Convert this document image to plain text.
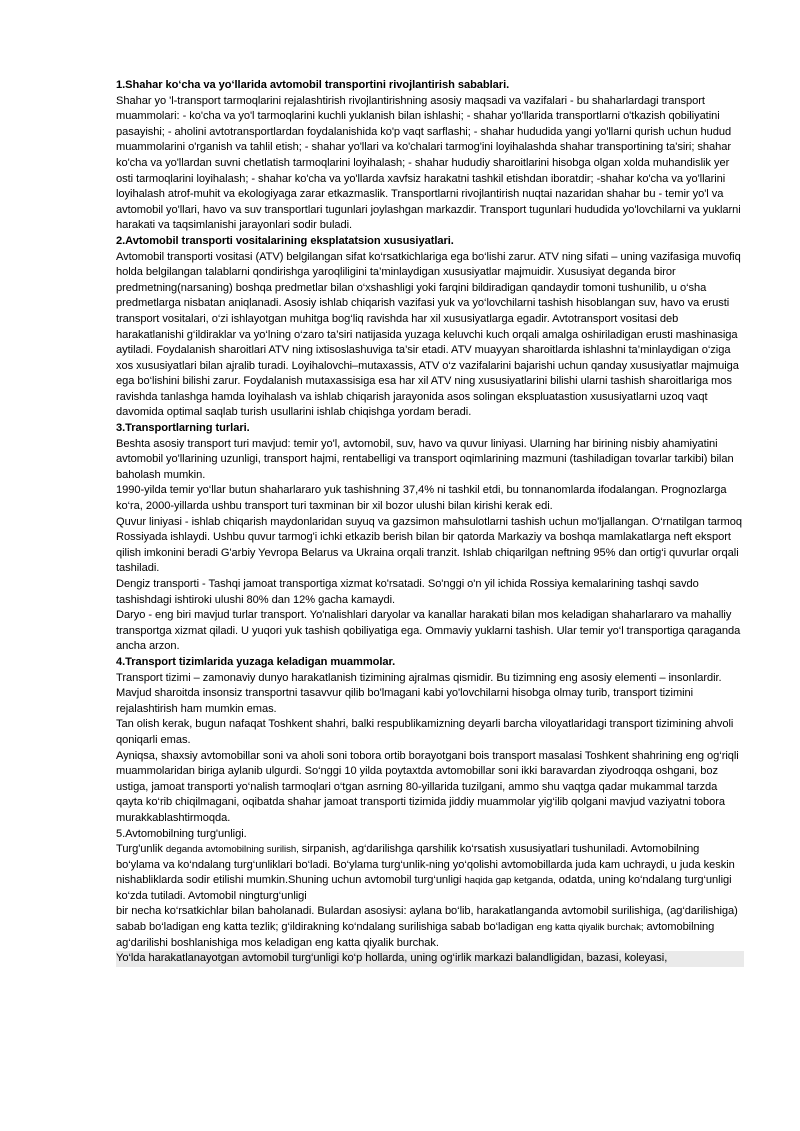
1.Shahar ko‘cha va yo‘llarida avtomobil transportini rivojlantirish sabablari.

Shahar yo 'l-transport tarmoqlarini rejalashtirish rivojlantirishning asosiy maqsadi va vazifalari - bu shaharlardagi transport muammolari: - ko'cha va yo'l tarmoqlarini kuchli yuklanish bilan ishlashi; - shahar yo'llarida transportlarni o'tkazish qobiliyatini pasayishi; - aholini avtotransportlardan foydalanishida ko'p vaqt sarflashi; - shahar hududida yangi yo'llarni qurish uchun hudud muammolarini o'rganish va tahlil etish; - shahar yo'llari va ko'chalari tarmog'ini loyihalashda shahar transportining ta'siri; shahar ko'cha va yo'llardan suvni chetlatish tarmoqlarini loyihalash; - shahar hududiy sharoitlarini hisobga olgan xolda muhandislik yer osti tarmoqlarini loyihalash; - shahar ko'cha va yo'llarda xavfsiz harakatni tashkil etishdan iboratdir; -shahar ko'cha va yo'llarini loyihalash atrof-muhit va ekologiyaga zarar etkazmaslik. Transportlarni rivojlantirish nuqtai nazaridan shahar bu - temir yo'l va avtomobil yo'llari, havo va suv transportlari tugunlari joylashgan markazdir. Transport tugunlari hududida yo'lovchilarni va yuklarni harakati va taqsimlanishi jarayonlari sodir buladi.

2.Avtomobil transporti vositalarining eksplatatsion xususiyatlari.

Avtomobil transporti vositasi (ATV) belgilangan sifat ko‘rsatkichlariga ega bo‘lishi zarur. ATV ning sifati – uning vazifasiga muvofiq holda belgilangan talablarni qondirishga yaroqliligini ta’minlaydigan xususiyatlar majmuidir. Xususiyat deganda biror predmetning(narsaning) boshqa predmetlar bilan o‘xshashligi yoki farqini bildiradigan qandaydir tomoni tushunilib, u o‘sha predmetlarga nisbatan aniqlanadi. Asosiy ishlab chiqarish vazifasi yuk va yo‘lovchilarni tashish hisoblangan suv, havo va erusti transport vositalari, o‘zi ishlayotgan muhitga bog‘liq ravishda har xil xususiyatlarga egadir. Avtotransport vositasi deb harakatlanishi g‘ildiraklar va yo‘lning o‘zaro ta’siri natijasida yuzaga keluvchi kuch orqali amalga oshiriladigan erusti mashinasiga aytiladi. Foydalanish sharoitlari ATV ning ixtisoslashuviga ta’sir etadi. ATV muayyan sharoitlarda ishlashni ta’minlaydigan o‘ziga xos xususiyatlari bilan ajralib turadi. Loyihalovchi–mutaxassis, ATV o‘z vazifalarini bajarishi uchun qanday xususiyatlar majmuiga ega bo‘lishini bilishi zarur. Foydalanish mutaxassisiga esa har xil ATV ning xususiyatlarini bilishi ularni tashish sharoitlariga mos ravishda tanlashga hamda loyihalash va ishlab chiqarish jarayonida asos solingan ekspluatastion xususiyatlarni uzoq vaqt davomida optimal saqlab turish usullarini ishlab chiqishga yordam beradi.

3.Transportlarning turlari.

Beshta asosiy transport turi mavjud: temir yo'l, avtomobil, suv, havo va quvur liniyasi. Ularning har birining nisbiy ahamiyatini avtomobil yo'llarining uzunligi, transport hajmi, rentabelligi va transport oqimlarining mazmuni (tashiladigan tovarlar tarkibi) bilan baholash mumkin.

1990-yilda temir yo‘llar butun shaharlararo yuk tashishning 37,4% ni tashkil etdi, bu tonnanomlarda ifodalangan. Prognozlarga ko‘ra, 2000-yillarda ushbu transport turi taxminan bir xil bozor ulushi bilan kirishi kerak edi.

Quvur liniyasi - ishlab chiqarish maydonlaridan suyuq va gazsimon mahsulotlarni tashish uchun mo'ljallangan. O‘rnatilgan tarmoq Rossiyada ishlaydi. Ushbu quvur tarmog'i ichki etkazib berish bilan bir qatorda Markaziy va boshqa mamlakatlarga neft eksport qilish imkonini beradi G'arbiy Yevropa Belarus va Ukraina orqali tranzit. Ishlab chiqarilgan neftning 95% dan ortig‘i quvurlar orqali tashiladi.

Dengiz transporti - Tashqi jamoat transportiga xizmat ko'rsatadi. So'nggi o'n yil ichida Rossiya kemalarining tashqi savdo tashishdagi ishtiroki ulushi 80% dan 12% gacha kamaydi.

Daryo - eng biri mavjud turlar transport. Yo'nalishlari daryolar va kanallar harakati bilan mos keladigan shaharlararo va mahalliy transportga xizmat qiladi. U yuqori yuk tashish qobiliyatiga ega. Ommaviy yuklarni tashish. Ular temir yo‘l transportiga qaraganda ancha arzon.

4.Transport tizimlarida yuzaga keladigan muammolar.

Transport tizimi – zamonaviy dunyo harakatlanish tizimining ajralmas qismidir. Bu tizimning eng asosiy elementi – insonlardir. Mavjud sharoitda insonsiz transportni tasavvur qilib bo'lmagani kabi yo'lovchilarni hisobga olmay turib, transport tizimini rejalashtirish ham mumkin emas.

Tan olish kerak, bugun nafaqat Toshkent shahri, balki respublikamizning deyarli barcha viloyatlaridagi transport tizimining ahvoli qoniqarli emas.

Ayniqsa, shaxsiy avtomobillar soni va aholi soni tobora ortib borayotgani bois transport masalasi Toshkent shahrining eng og‘riqli muammolaridan biriga aylanib ulgurdi. So‘nggi 10 yilda poytaxtda avtomobillar soni ikki baravardan ziyodroqqa oshgani, boz ustiga, jamoat transporti yo‘nalish tarmoqlari o‘tgan asrning 80-yillarida tuzilgani, ammo shu vaqtga qadar mukammal tarzda qayta ko‘rib chiqilmagani, oqibatda shahar jamoat transporti tizimida jiddiy muammolar yig‘ilib qolgani mavjud vaziyatni tobora murakkablashtirmoqda.

5.Avtomobilning turg'unligi.

Turg'unlik deganda avtomobilning surilish, sirpanish, ag‘darilishga qarshilik ko‘rsatish xususiyatlari tushuniladi. Avtomobilning bo‘ylama va ko‘ndalang turg‘unliklari bo‘ladi. Bo‘ylama turg‘unlik-ning yo‘qolishi avtomobillarda juda kam uchraydi, u juda keskin nishabliklarda sodir etilishi mumkin.Shuning uchun avtomobil turg‘unligi haqida gap ketganda, odatda, uning ko‘ndalang turg‘unligi ko‘zda tutiladi. Avtomobil ningturg‘unligi

bir necha ko‘rsatkichlar bilan baholanadi. Bulardan asosiysi: aylana bo‘lib, harakatlanganda avtomobil surilishiga, (ag‘darilishiga) sabab bo‘ladigan eng katta tezlik; g‘ildirakning ko‘ndalang surilishiga sabab bo‘ladigan eng katta qiyalik burchak; avtomobilning ag‘darilishi boshlanishiga mos keladigan eng katta qiyalik burchak.

Yo‘lda harakatlanayotgan avtomobil turg‘unligi ko‘p hollarda, uning og‘irlik markazi balandligidan, bazasi, koleyasi,
